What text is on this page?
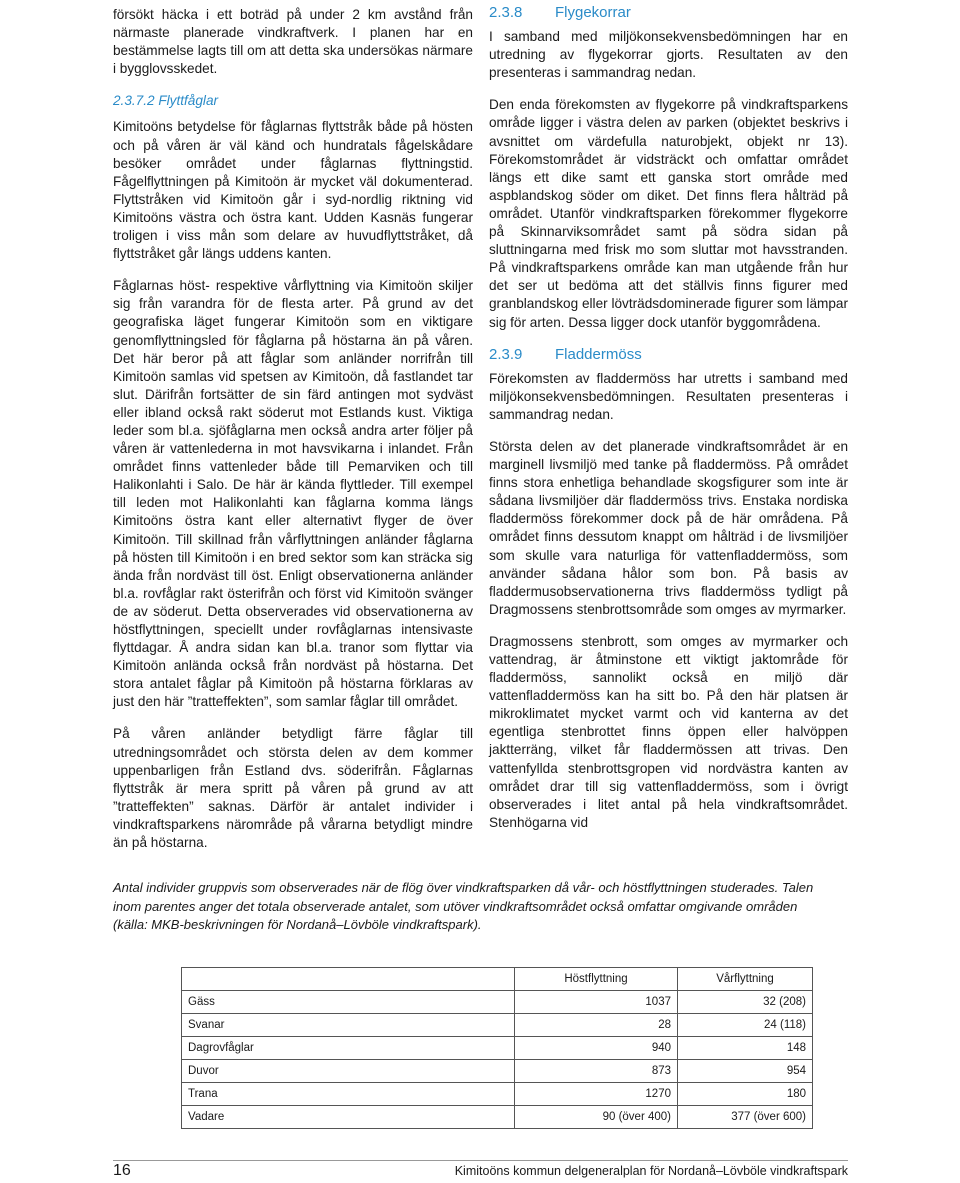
försökt häcka i ett boträd på under 2 km avstånd från närmaste planerade vindkraftverk. I planen har en bestämmelse lagts till om att detta ska undersökas närmare i bygglovsskedet.

2.3.7.2 Flyttfåglar

Kimitoöns betydelse för fåglarnas flyttstråk både på hösten och på våren är väl känd och hundratals fågelskådare besöker området under fåglarnas flyttningstid. Fågelflyttningen på Kimitoön är mycket väl dokumenterad. Flyttstråken vid Kimitoön går i syd-nordlig riktning vid Kimitoöns västra och östra kant. Udden Kasnäs fungerar troligen i viss mån som delare av huvudflyttstråket, då flyttstråket går längs uddens kanten.

Fåglarnas höst- respektive vårflyttning via Kimitoön skiljer sig från varandra för de flesta arter. På grund av det geografiska läget fungerar Kimitoön som en viktigare genomflyttningsled för fåglarna på höstarna än på våren. Det här beror på att fåglar som anländer norrifrån till Kimitoön samlas vid spetsen av Kimitoön, då fastlandet tar slut. Därifrån fortsätter de sin färd antingen mot sydväst eller ibland också rakt söderut mot Estlands kust. Viktiga leder som bl.a. sjöfåglarna men också andra arter följer på våren är vattenlederna in mot havsvikarna i inlandet. Från området finns vattenleder både till Pemarviken och till Halikonlahti i Salo. De här är kända flyttleder. Till exempel till leden mot Halikonlahti kan fåglarna komma längs Kimitoöns östra kant eller alternativt flyger de över Kimitoön. Till skillnad från vårflyttningen anländer fåglarna på hösten till Kimitoön i en bred sektor som kan sträcka sig ända från nordväst till öst. Enligt observationerna anländer bl.a. rovfåglar rakt österifrån och först vid Kimitoön svänger de av söderut. Detta observerades vid observationerna av höstflyttningen, speciellt under rovfåglarnas intensivaste flyttdagar. Å andra sidan kan bl.a. tranor som flyttar via Kimitoön anlända också från nordväst på höstarna. Det stora antalet fåglar på Kimitoön på höstarna förklaras av just den här ”tratteffekten”, som samlar fåglar till området.

På våren anländer betydligt färre fåglar till utredningsområdet och största delen av dem kommer uppenbarligen från Estland dvs. söderifrån. Fåglarnas flyttstråk är mera spritt på våren på grund av att ”tratteffekten” saknas. Därför är antalet individer i vindkraftsparkens närområde på vårarna betydligt mindre än på höstarna.

2.3.8 Flygekorrar

I samband med miljökonsekvensbedömningen har en utredning av flygekorrar gjorts. Resultaten av den presenteras i sammandrag nedan.

Den enda förekomsten av flygekorre på vindkraftsparkens område ligger i västra delen av parken (objektet beskrivs i avsnittet om värdefulla naturobjekt, objekt nr 13). Förekomstområdet är vidsträckt och omfattar området längs ett dike samt ett ganska stort område med aspblandskog söder om diket. Det finns flera hålträd på området. Utanför vindkraftsparken förekommer flygekorre på Skinnarviksområdet samt på södra sidan på sluttningarna med frisk mo som sluttar mot havsstranden. På vindkraftsparkens område kan man utgående från hur det ser ut bedöma att det ställvis finns figurer med granblandskog eller lövträdsdominerade figurer som lämpar sig för arten. Dessa ligger dock utanför byggområdena.

2.3.9 Fladdermöss

Förekomsten av fladdermöss har utretts i samband med miljökonsekvensbedömningen. Resultaten presenteras i sammandrag nedan.

Största delen av det planerade vindkraftsområdet är en marginell livsmiljö med tanke på fladdermöss. På området finns stora enhetliga behandlade skogsfigurer som inte är sådana livsmiljöer där fladdermöss trivs. Enstaka nordiska fladdermöss förekommer dock på de här områdena. På området finns dessutom knappt om hålträd i de livsmiljöer som skulle vara naturliga för vattenfladdermöss, som använder sådana hålor som bon. På basis av fladdermusobservationerna trivs fladdermöss tydligt på Dragmossens stenbrottsområde som omges av myrmarker.

Dragmossens stenbrott, som omges av myrmarker och vattendrag, är åtminstone ett viktigt jaktområde för fladdermöss, sannolikt också en miljö där vattenfladdermöss kan ha sitt bo. På den här platsen är mikroklimatet mycket varmt och vid kanterna av det egentliga stenbrottet finns öppen eller halvöppen jaktterräng, vilket får fladdermössen att trivas. Den vattenfyllda stenbrottsgropen vid nordvästra kanten av området drar till sig vattenfladdermöss, som i övrigt observerades i litet antal på hela vindkraftsområdet. Stenhögarna vid

Antal individer gruppvis som observerades när de flög över vindkraftsparken då vår- och höstflyttningen studerades. Talen inom parentes anger det totala observerade antalet, som utöver vindkraftsområdet också omfattar omgivande områden (källa: MKB-beskrivningen för Nordanå–Lövböle vindkraftspark).
	Höstflyttning	Vårflyttning
Gäss	1037	32 (208)
Svanar	28	24 (118)
Dagrovfåglar	940	148
Duvor	873	954
Trana	1270	180
Vadare	90 (över 400)	377 (över 600)
16	Kimitoöns kommun delgeneralplan för Nordanå–Lövböle vindkraftspark
